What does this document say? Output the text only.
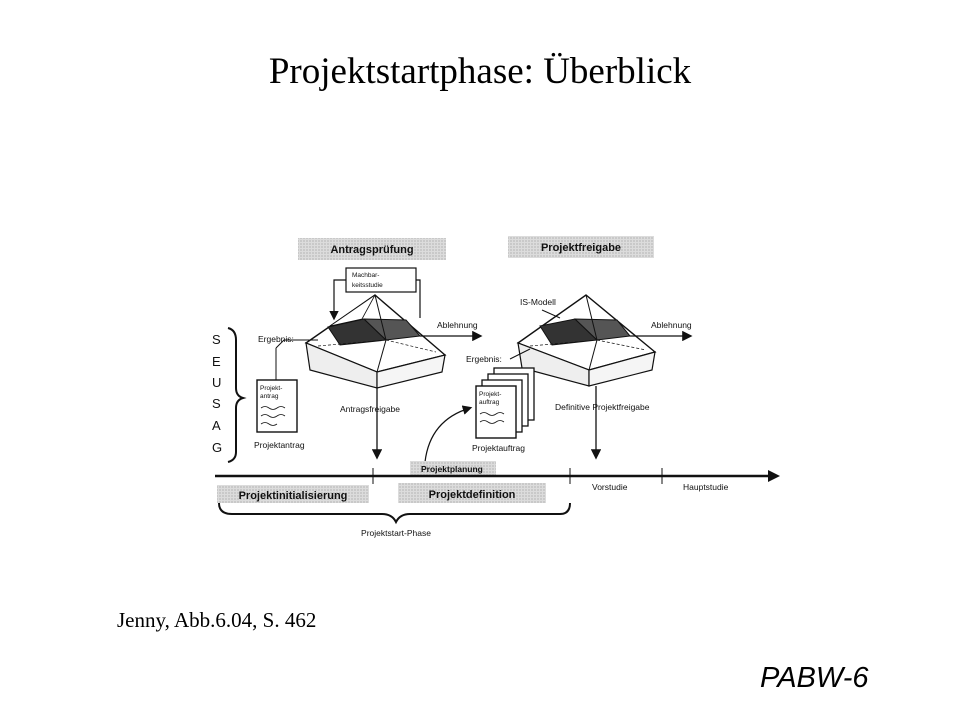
Projektstartphase: Überblick
Antragsprüfung	Projektfreigabe
Machbar-
keitsstudie
Ablehnung	Ablehnung
IS-Modell
Ergebnis:
Ergebnis:
S
E
U
S
A
G
Projekt-
antrag
Projektantrag
Projekt-
auftrag
Projektauftrag
Antragsfreigabe	Definitive Projektfreigabe
Projektplanung
Vorstudie	Hauptstudie
Projektinitialisierung	Projektdefinition
Projektstart-Phase
Jenny, Abb.6.04, S. 462
PABW-6
